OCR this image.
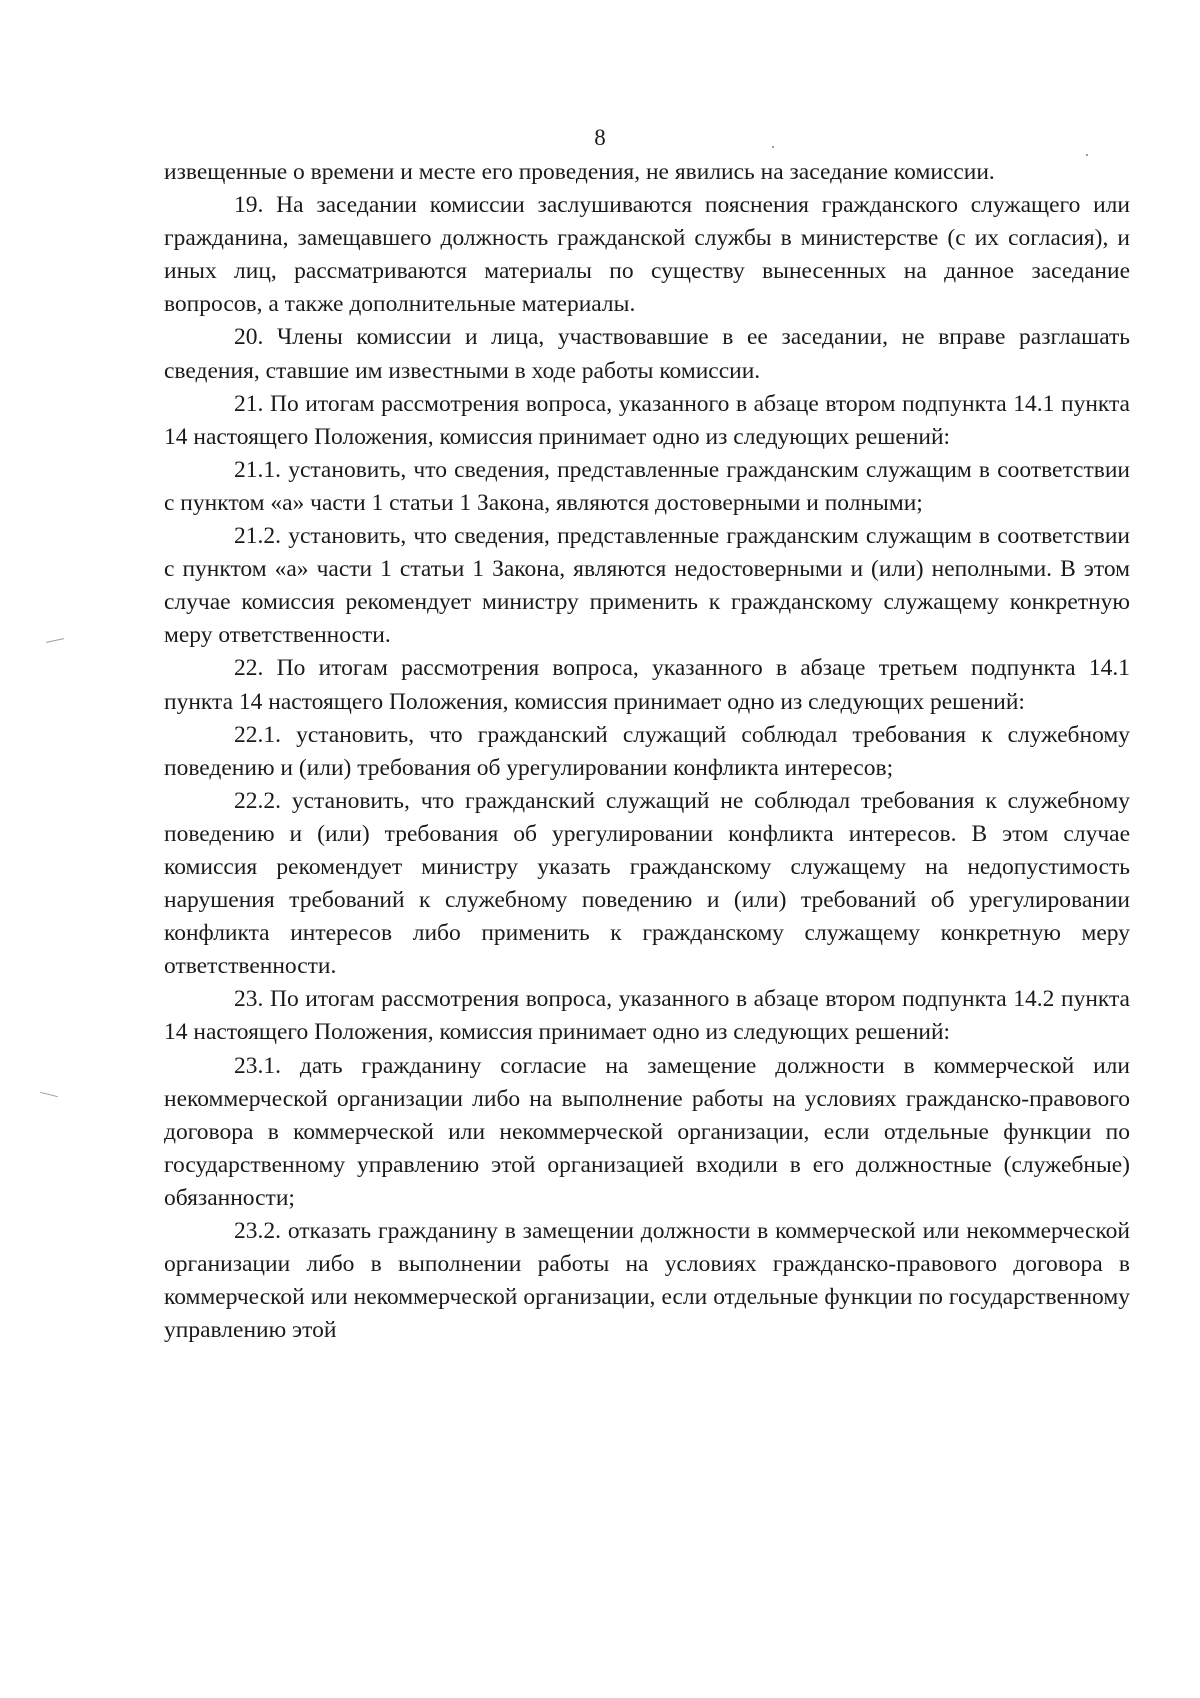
8

извещенные о времени и месте его проведения, не явились на заседание комиссии.

19. На заседании комиссии заслушиваются пояснения гражданского служащего или гражданина, замещавшего должность гражданской службы в министерстве (с их согласия), и иных лиц, рассматриваются материалы по существу вынесенных на данное заседание вопросов, а также дополнительные материалы.

20. Члены комиссии и лица, участвовавшие в ее заседании, не вправе разглашать сведения, ставшие им известными в ходе работы комиссии.

21. По итогам рассмотрения вопроса, указанного в абзаце втором подпункта 14.1 пункта 14 настоящего Положения, комиссия принимает одно из следующих решений:

21.1. установить, что сведения, представленные гражданским служащим в соответствии с пунктом «а» части 1 статьи 1 Закона, являются достоверными и полными;

21.2. установить, что сведения, представленные гражданским служащим в соответствии с пунктом «а» части 1 статьи 1 Закона, являются недостоверными и (или) неполными. В этом случае комиссия рекомендует министру применить к гражданскому служащему конкретную меру ответственности.

22. По итогам рассмотрения вопроса, указанного в абзаце третьем подпункта 14.1 пункта 14 настоящего Положения, комиссия принимает одно из следующих решений:

22.1. установить, что гражданский служащий соблюдал требования к служебному поведению и (или) требования об урегулировании конфликта интересов;

22.2. установить, что гражданский служащий не соблюдал требования к служебному поведению и (или) требования об урегулировании конфликта интересов. В этом случае комиссия рекомендует министру указать гражданскому служащему на недопустимость нарушения требований к служебному поведению и (или) требований об урегулировании конфликта интересов либо применить к гражданскому служащему конкретную меру ответственности.

23. По итогам рассмотрения вопроса, указанного в абзаце втором подпункта 14.2 пункта 14 настоящего Положения, комиссия принимает одно из следующих решений:

23.1. дать гражданину согласие на замещение должности в коммерческой или некоммерческой организации либо на выполнение работы на условиях гражданско-правового договора в коммерческой или некоммерческой организации, если отдельные функции по государственному управлению этой организацией входили в его должностные (служебные) обязанности;

23.2. отказать гражданину в замещении должности в коммерческой или некоммерческой организации либо в выполнении работы на условиях гражданско-правового договора в коммерческой или некоммерческой организации, если отдельные функции по государственному управлению этой
